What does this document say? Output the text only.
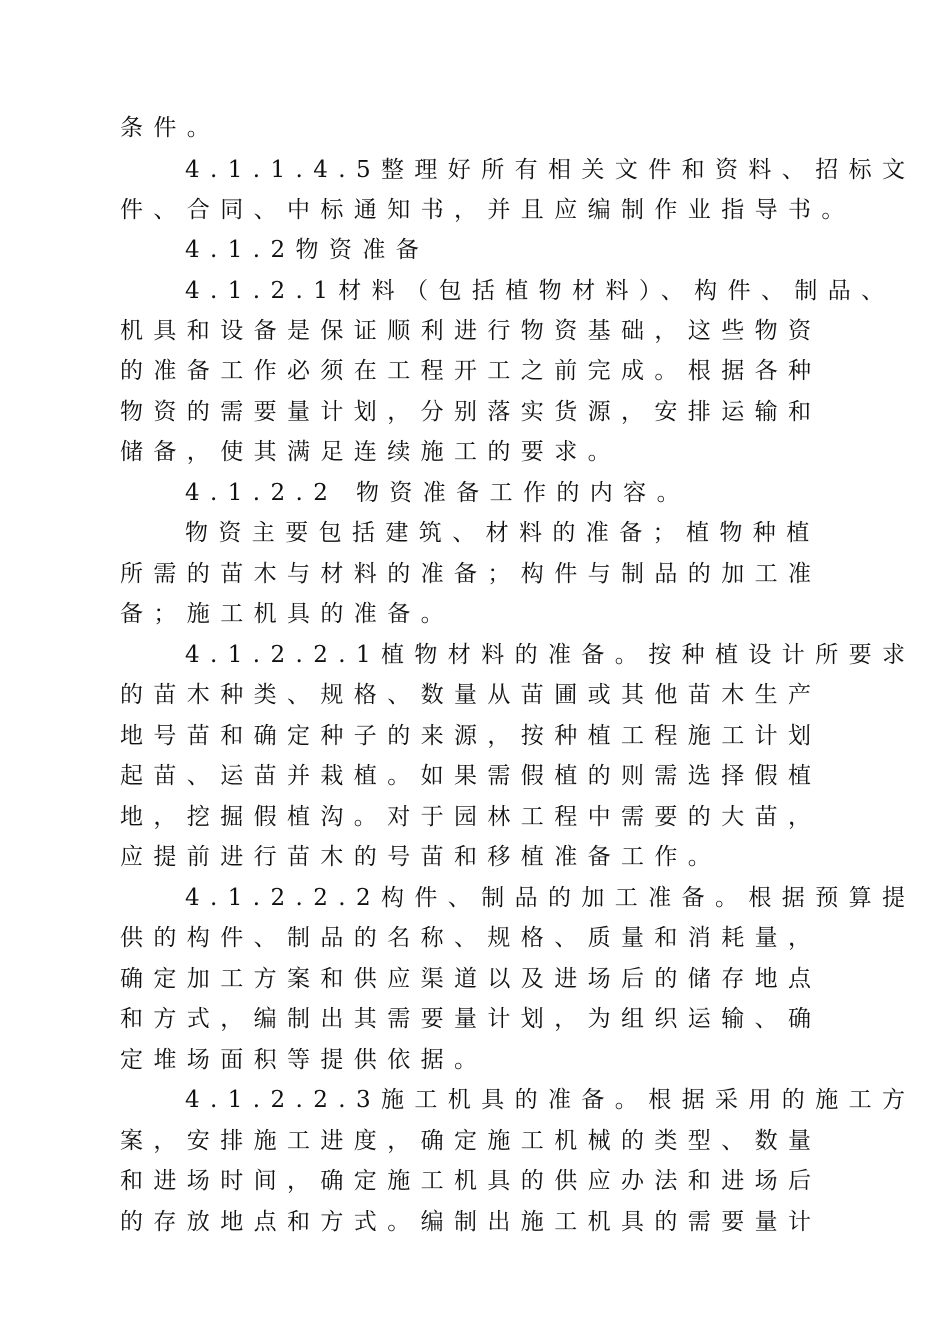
条件。
4.1.1.4.5整理好所有相关文件和资料、招标文
件、合同、中标通知书，并且应编制作业指导书。
4.1.2物资准备
4.1.2.1材料（包括植物材料）、构件、制品、
机具和设备是保证顺利进行物资基础，这些物资
的准备工作必须在工程开工之前完成。根据各种
物资的需要量计划，分别落实货源，安排运输和
储备，使其满足连续施工的要求。
4.1.2.2 物资准备工作的内容。
物资主要包括建筑、材料的准备；植物种植
所需的苗木与材料的准备；构件与制品的加工准
备；施工机具的准备。
4.1.2.2.1植物材料的准备。按种植设计所要求
的苗木种类、规格、数量从苗圃或其他苗木生产
地号苗和确定种子的来源，按种植工程施工计划
起苗、运苗并栽植。如果需假植的则需选择假植
地，挖掘假植沟。对于园林工程中需要的大苗，
应提前进行苗木的号苗和移植准备工作。
4.1.2.2.2构件、制品的加工准备。根据预算提
供的构件、制品的名称、规格、质量和消耗量，
确定加工方案和供应渠道以及进场后的储存地点
和方式，编制出其需要量计划，为组织运输、确
定堆场面积等提供依据。
4.1.2.2.3施工机具的准备。根据采用的施工方
案，安排施工进度，确定施工机械的类型、数量
和进场时间，确定施工机具的供应办法和进场后
的存放地点和方式。编制出施工机具的需要量计
